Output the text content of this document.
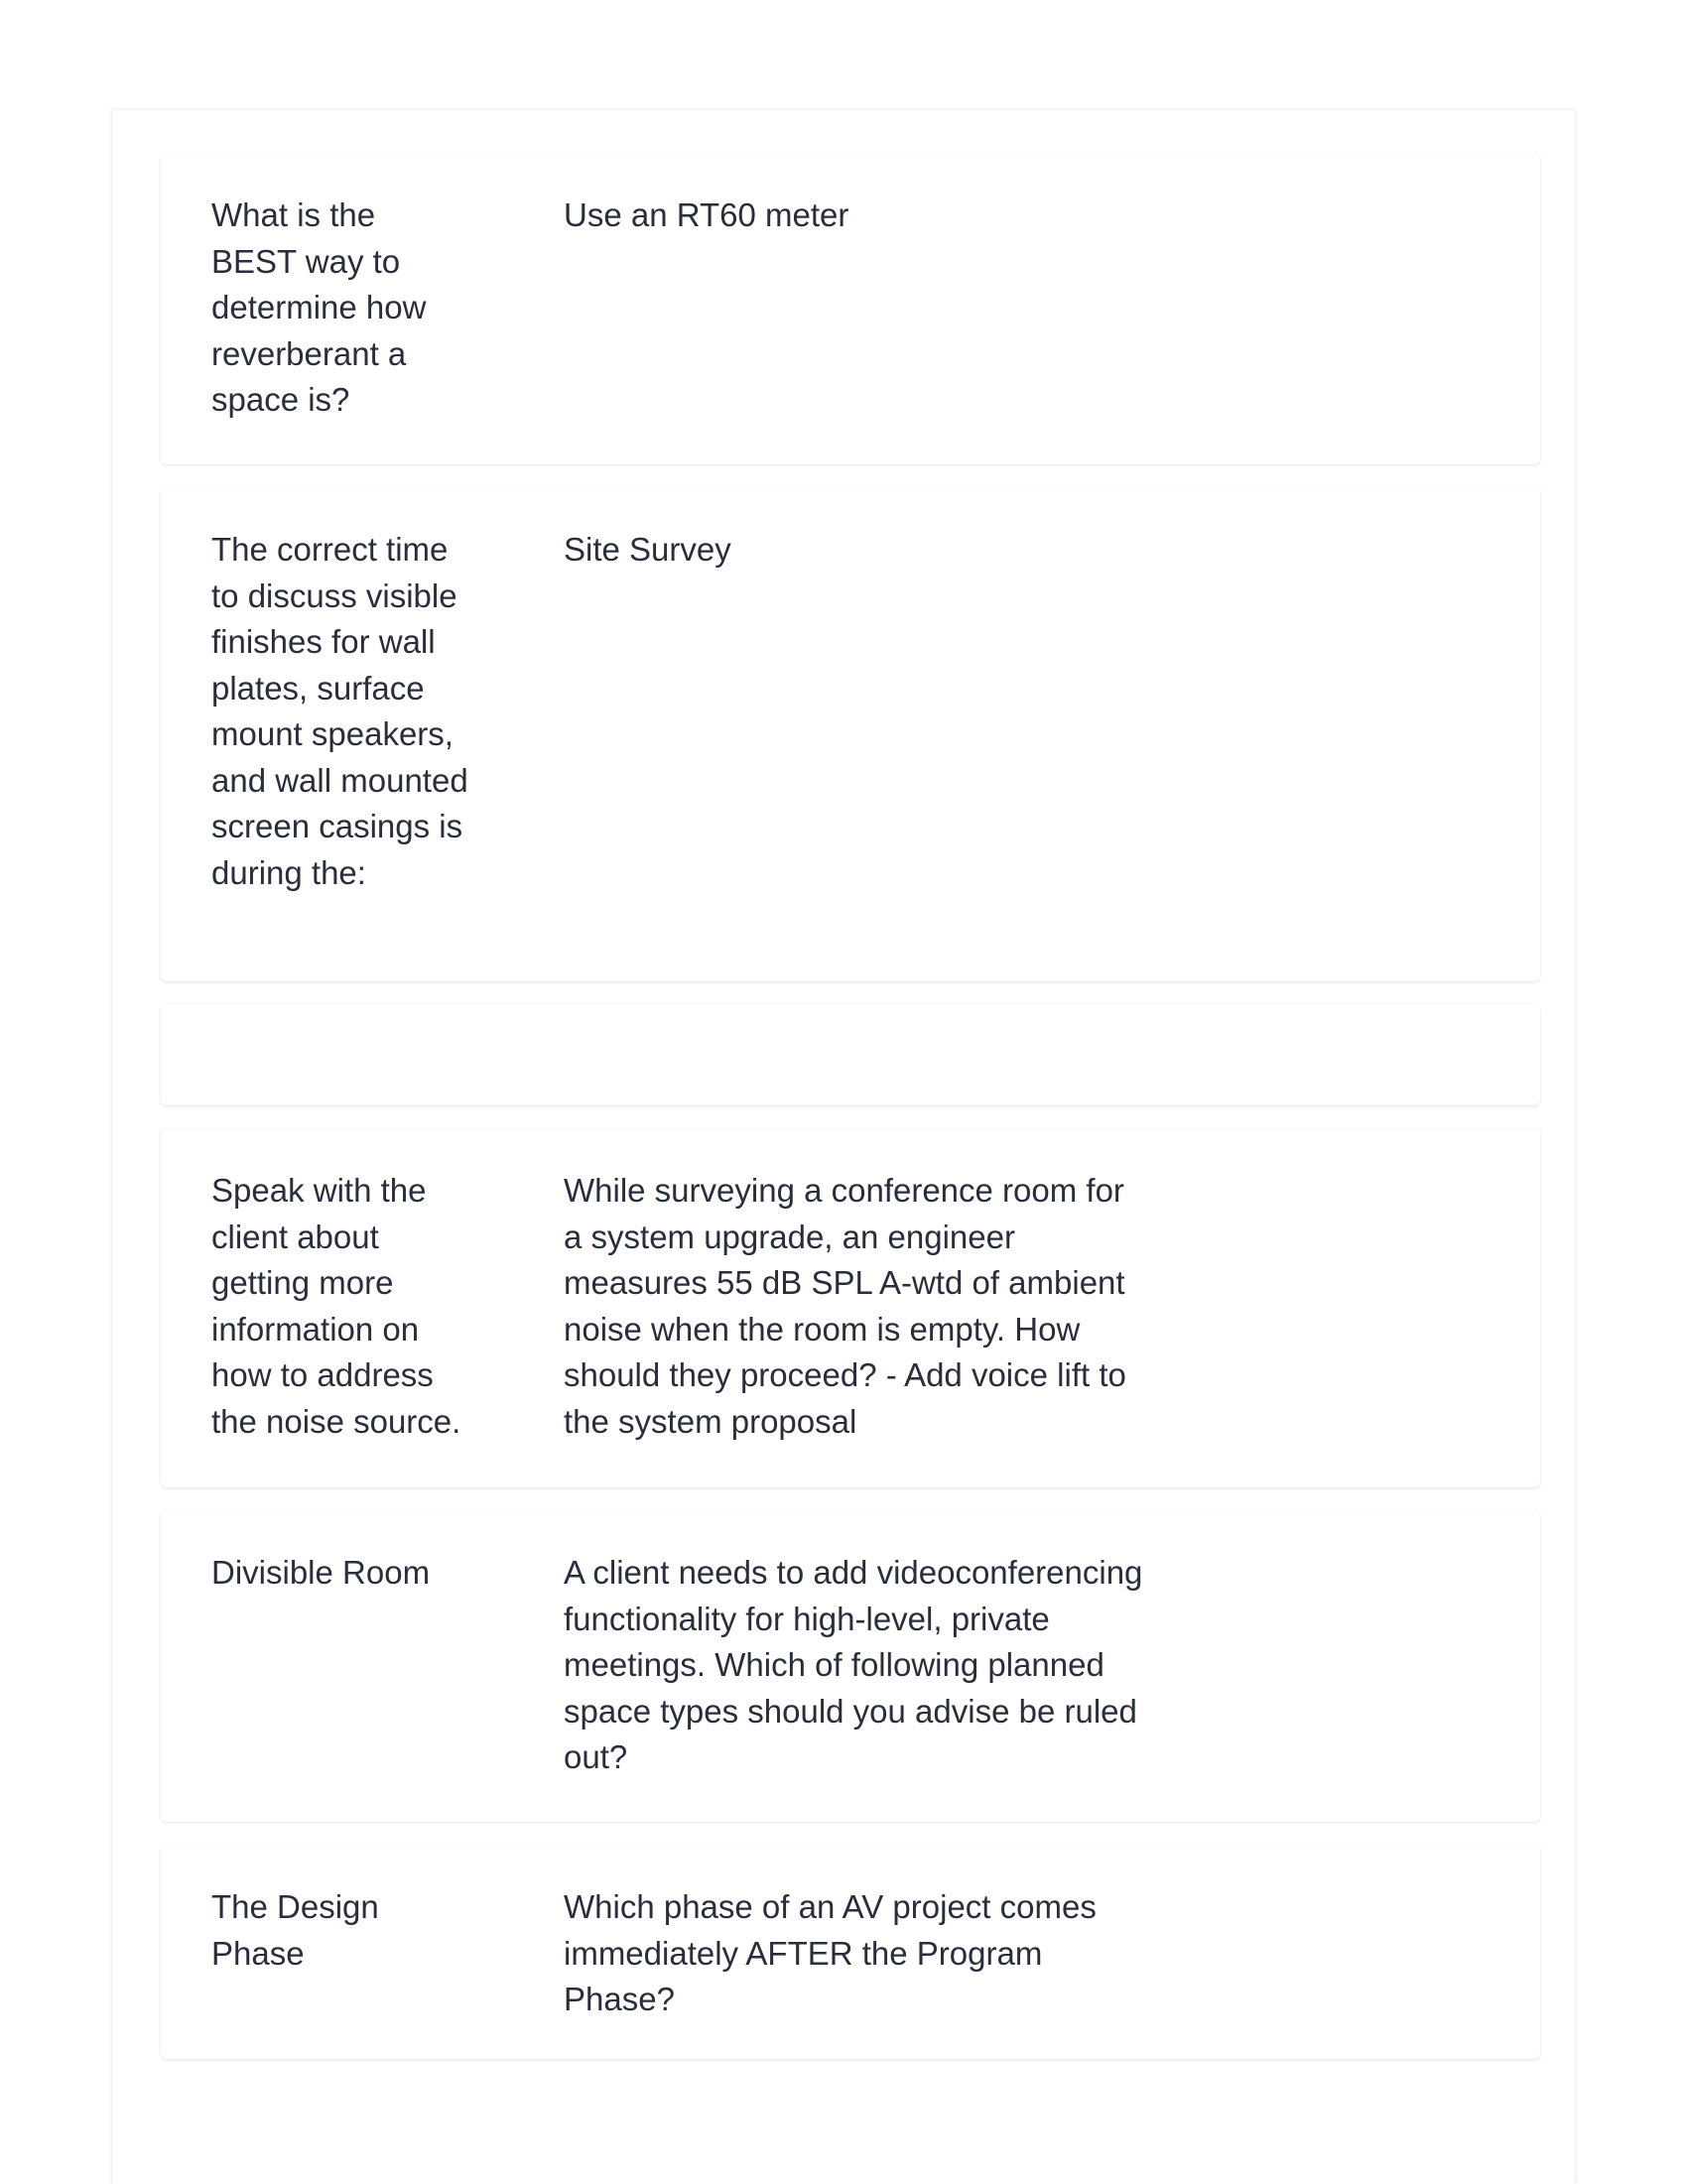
What is the BEST way to determine how reverberant a space is?
Use an RT60 meter
The correct time to discuss visible finishes for wall plates, surface mount speakers, and wall mounted screen casings is during the:
Site Survey
Speak with the client about getting more information on how to address the noise source.
While surveying a conference room for a system upgrade, an engineer measures 55 dB SPL A-wtd of ambient noise when the room is empty. How should they proceed? - Add voice lift to the system proposal
Divisible Room	A client needs to add videoconferencing functionality for high-level, private meetings. Which of following planned space types should you advise be ruled out?
The Design Phase
Which phase of an AV project comes immediately AFTER the Program Phase?
